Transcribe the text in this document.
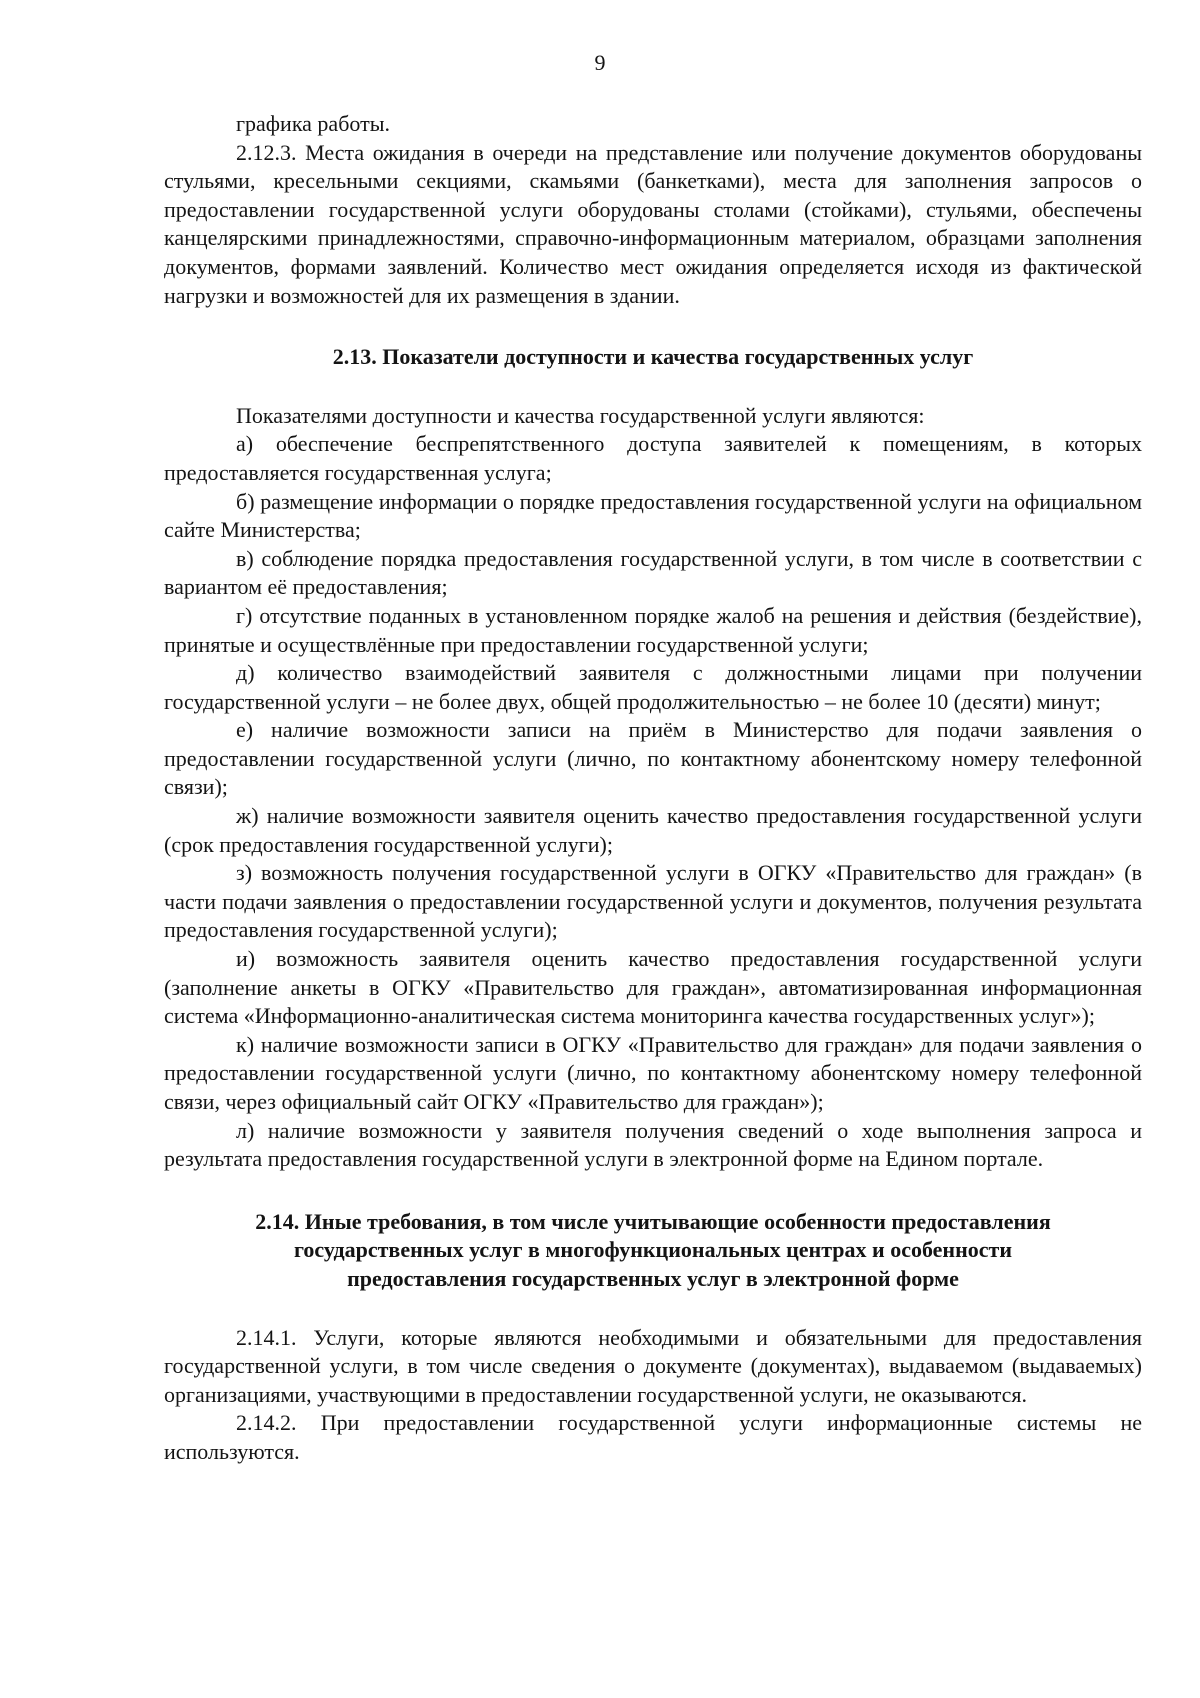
9

графика работы.

2.12.3. Места ожидания в очереди на представление или получение документов оборудованы стульями, кресельными секциями, скамьями (банкетками), места для заполнения запросов о предоставлении государственной услуги оборудованы столами (стойками), стульями, обеспечены канцелярскими принадлежностями, справочно-информационным материалом, образцами заполнения документов, формами заявлений. Количество мест ожидания определяется исходя из фактической нагрузки и возможностей для их размещения в здании.

2.13. Показатели доступности и качества государственных услуг

Показателями доступности и качества государственной услуги являются:

а) обеспечение беспрепятственного доступа заявителей к помещениям, в которых предоставляется государственная услуга;

б) размещение информации о порядке предоставления государственной услуги на официальном сайте Министерства;

в) соблюдение порядка предоставления государственной услуги, в том числе в соответствии с вариантом её предоставления;

г) отсутствие поданных в установленном порядке жалоб на решения и действия (бездействие), принятые и осуществлённые при предоставлении государственной услуги;

д) количество взаимодействий заявителя с должностными лицами при получении государственной услуги – не более двух, общей продолжительностью – не более 10 (десяти) минут;

е) наличие возможности записи на приём в Министерство для подачи заявления о предоставлении государственной услуги (лично, по контактному абонентскому номеру телефонной связи);

ж) наличие возможности заявителя оценить качество предоставления государственной услуги (срок предоставления государственной услуги);

з) возможность получения государственной услуги в ОГКУ «Правительство для граждан» (в части подачи заявления о предоставлении государственной услуги и документов, получения результата предоставления государственной услуги);

и) возможность заявителя оценить качество предоставления государственной услуги (заполнение анкеты в ОГКУ «Правительство для граждан», автоматизированная информационная система «Информационно-аналитическая система мониторинга качества государственных услуг»);

к) наличие возможности записи в ОГКУ «Правительство для граждан» для подачи заявления о предоставлении государственной услуги (лично, по контактному абонентскому номеру телефонной связи, через официальный сайт ОГКУ «Правительство для граждан»);

л) наличие возможности у заявителя получения сведений о ходе выполнения запроса и результата предоставления государственной услуги в электронной форме на Едином портале.

2.14. Иные требования, в том числе учитывающие особенности предоставления
государственных услуг в многофункциональных центрах и особенности
предоставления государственных услуг в электронной форме

2.14.1. Услуги, которые являются необходимыми и обязательными для предоставления государственной услуги, в том числе сведения о документе (документах), выдаваемом (выдаваемых) организациями, участвующими в предоставлении государственной услуги, не оказываются.

2.14.2. При предоставлении государственной услуги информационные системы не используются.
